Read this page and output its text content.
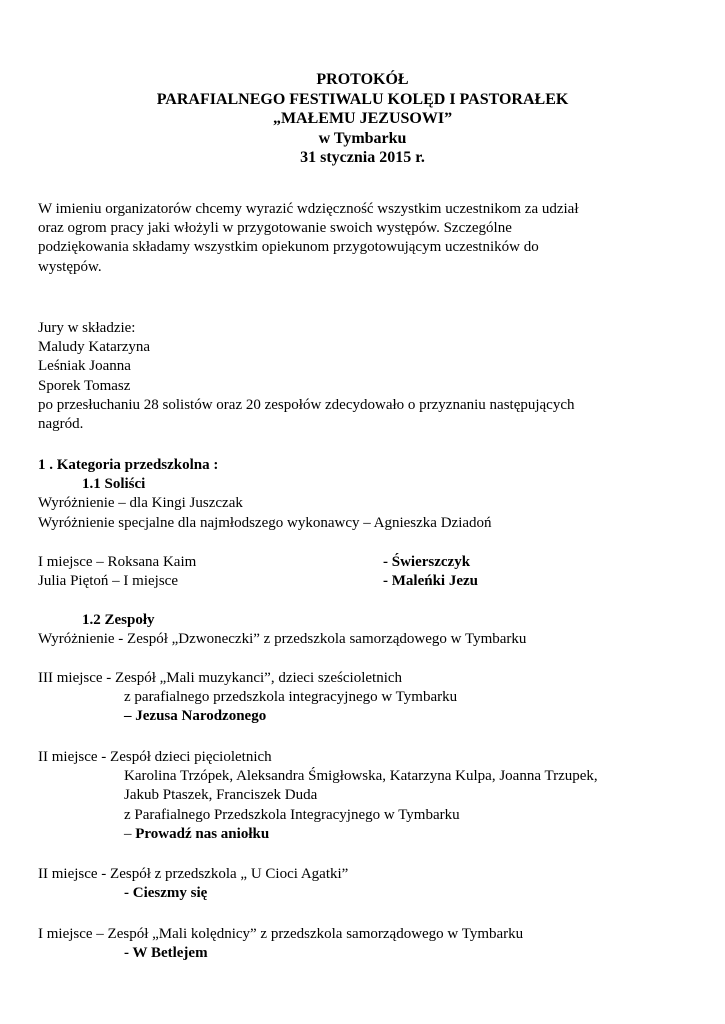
PROTOKÓŁ
PARAFIALNEGO FESTIWALU KOLĘD I PASTORAŁEK
„MAŁEMU JEZUSOWI”
w Tymbarku
31 stycznia 2015 r.
W imieniu organizatorów chcemy wyrazić wdzięczność wszystkim uczestnikom za udział
oraz ogrom pracy jaki włożyli w przygotowanie swoich występów. Szczególne
podziękowania składamy wszystkim opiekunom przygotowującym uczestników do
występów.
Jury w składzie:
Maludy Katarzyna
Leśniak Joanna
Sporek Tomasz
po przesłuchaniu 28 solistów oraz 20 zespołów zdecydowało o przyznaniu następujących
nagród.
1 . Kategoria przedszkolna :
1.1 Soliści
Wyróżnienie – dla Kingi Juszczak
Wyróżnienie specjalne dla najmłodszego wykonawcy – Agnieszka Dziadoń
I miejsce – Roksana Kaim	- Świerszczyk
Julia Piętoń – I miejsce	- Maleńki Jezu
1.2 Zespoły
Wyróżnienie - Zespół „Dzwoneczki” z przedszkola samorządowego w Tymbarku
III miejsce - Zespół „Mali muzykanci”, dzieci sześcioletnich
z parafialnego przedszkola integracyjnego w Tymbarku
– Jezusa Narodzonego
II miejsce - Zespół dzieci pięcioletnich
Karolina Trzópek, Aleksandra Śmigłowska, Katarzyna Kulpa, Joanna Trzupek,
Jakub Ptaszek, Franciszek Duda
z Parafialnego Przedszkola Integracyjnego w Tymbarku
– Prowadź nas aniołku
II miejsce - Zespół z przedszkola „ U Cioci Agatki”
- Cieszmy się
I miejsce – Zespół „Mali kolędnicy” z przedszkola samorządowego w Tymbarku
- W Betlejem
